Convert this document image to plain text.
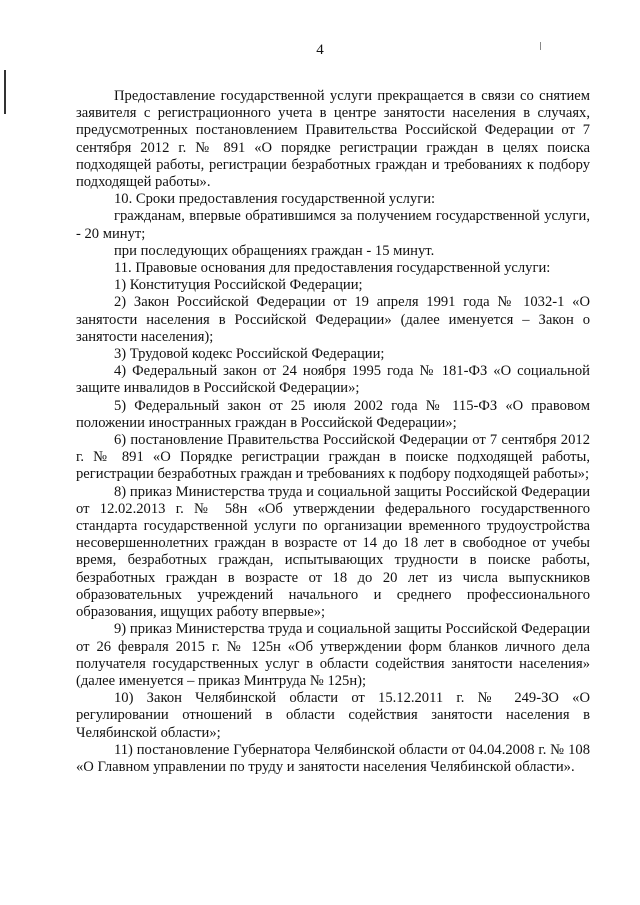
4

Предоставление государственной услуги прекращается в связи со снятием заявителя с регистрационного учета в центре занятости населения в случаях, предусмотренных постановлением Правительства Российской Федерации от 7 сентября 2012 г. № 891 «О порядке регистрации граждан в целях поиска подходящей работы, регистрации безработных граждан и требованиях к подбору подходящей работы».

10. Сроки предоставления государственной услуги:

гражданам, впервые обратившимся за получением государственной услуги, - 20 минут;

при последующих обращениях граждан - 15 минут.

11. Правовые основания для предоставления государственной услуги:

1) Конституция Российской Федерации;

2) Закон Российской Федерации от 19 апреля 1991 года № 1032-1 «О занятости населения в Российской Федерации» (далее именуется – Закон о занятости населения);

3) Трудовой кодекс Российской Федерации;

4) Федеральный закон от 24 ноября 1995 года № 181-ФЗ «О социальной защите инвалидов в Российской Федерации»;

5) Федеральный закон от 25 июля 2002 года № 115-ФЗ «О правовом положении иностранных граждан в Российской Федерации»;

6) постановление Правительства Российской Федерации от 7 сентября 2012 г. № 891 «О Порядке регистрации граждан в поиске подходящей работы, регистрации безработных граждан и требованиях к подбору подходящей работы»;

8) приказ Министерства труда и социальной защиты Российской Федерации от 12.02.2013 г. № 58н «Об утверждении федерального государственного стандарта государственной услуги по организации временного трудоустройства несовершеннолетних граждан в возрасте от 14 до 18 лет в свободное от учебы время, безработных граждан, испытывающих трудности в поиске работы, безработных граждан в возрасте от 18 до 20 лет из числа выпускников образовательных учреждений начального и среднего профессионального образования, ищущих работу впервые»;

9) приказ Министерства труда и социальной защиты Российской Федерации от 26 февраля 2015 г. № 125н «Об утверждении форм бланков личного дела получателя государственных услуг в области содействия занятости населения» (далее именуется – приказ Минтруда № 125н);

10) Закон Челябинской области от 15.12.2011 г. № 249-ЗО «О регулировании отношений в области содействия занятости населения в Челябинской области»;

11) постановление Губернатора Челябинской области от 04.04.2008 г. № 108 «О Главном управлении по труду и занятости населения Челябинской области».
